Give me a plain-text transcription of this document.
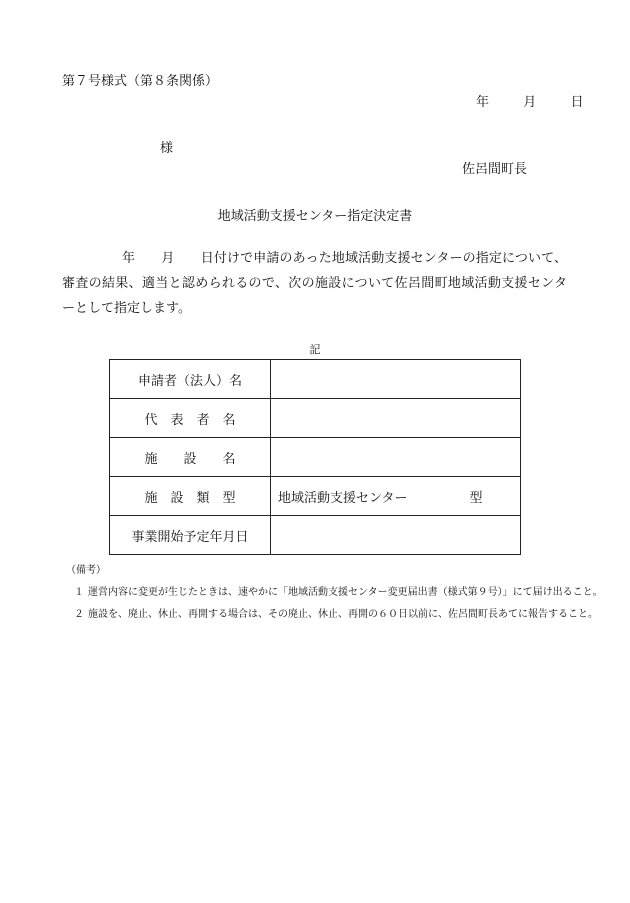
第７号様式（第８条関係）
年	月	日
様
佐呂間町長
地域活動支援センター指定決定書
年　　月　　日付けで申請のあった地域活動支援センターの指定について、審査の結果、適当と認められるので、次の施設について佐呂間町地域活動支援センターとして指定します。
記
申請者（法人）名	
代　表　者　名	
施　　設　　名	
施　設　類　型	地域活動支援センター 型
事業開始予定年月日	
（備考）
１ 運営内容に変更が生じたときは、速やかに「地域活動支援センター変更届出書（様式第９号）」にて届け出ること。
２ 施設を、廃止、休止、再開する場合は、その廃止、休止、再開の６０日以前に、佐呂間町長あてに報告すること。
